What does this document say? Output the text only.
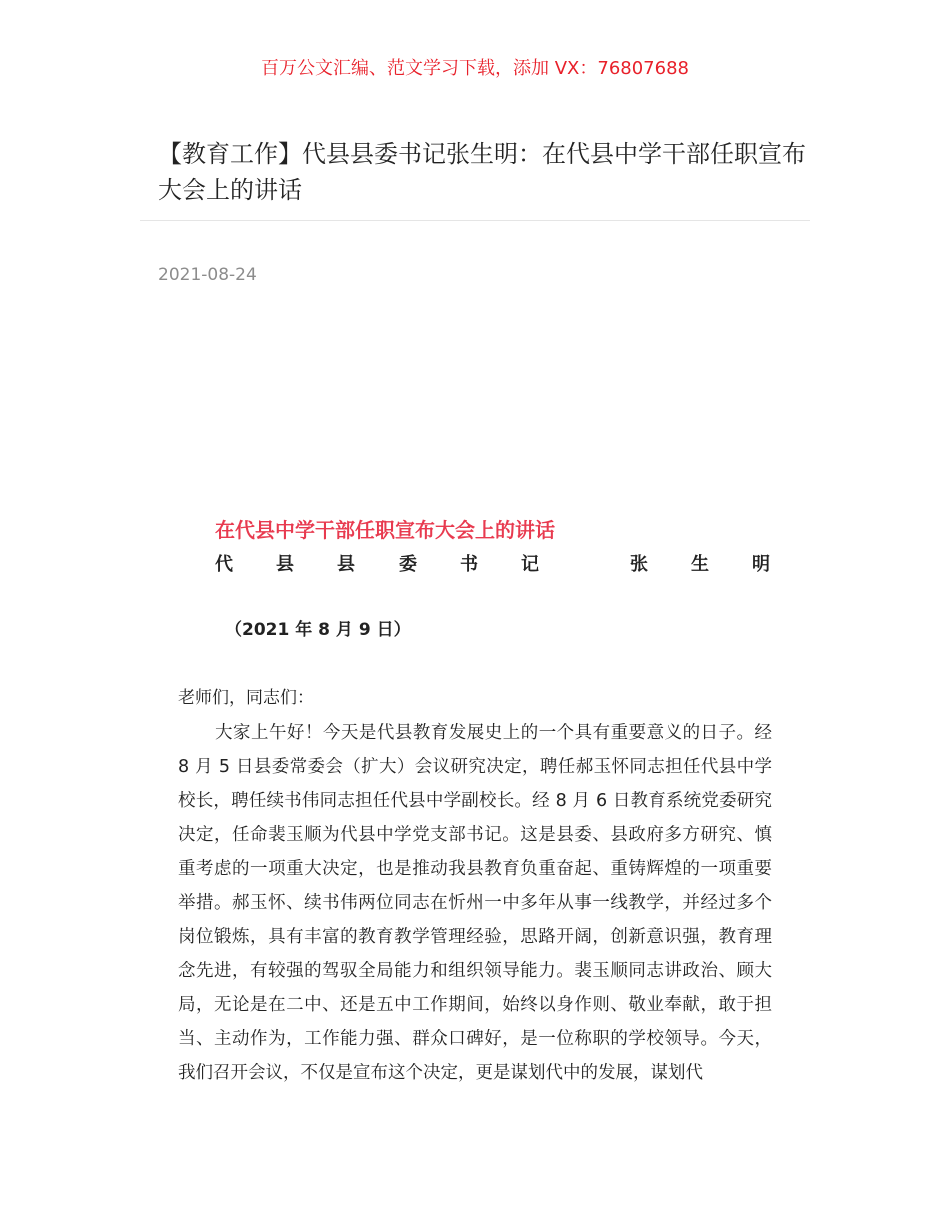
百万公文汇编、范文学习下载，添加 VX：76807688
【教育工作】代县县委书记张生明：在代县中学干部任职宣布大会上的讲话
2021-08-24
在代县中学干部任职宣布大会上的讲话
代 县 县 委 书 记	张 生 明
（2021 年 8 月 9 日）
老师们，同志们：

大家上午好！今天是代县教育发展史上的一个具有重要意义的日子。经 8 月 5 日县委常委会（扩大）会议研究决定，聘任郝玉怀同志担任代县中学校长，聘任续书伟同志担任代县中学副校长。经 8 月 6 日教育系统党委研究决定，任命裴玉顺为代县中学党支部书记。这是县委、县政府多方研究、慎重考虑的一项重大决定，也是推动我县教育负重奋起、重铸辉煌的一项重要举措。郝玉怀、续书伟两位同志在忻州一中多年从事一线教学，并经过多个岗位锻炼，具有丰富的教育教学管理经验，思路开阔，创新意识强，教育理念先进，有较强的驾驭全局能力和组织领导能力。裴玉顺同志讲政治、顾大局，无论是在二中、还是五中工作期间，始终以身作则、敬业奉献，敢于担当、主动作为，工作能力强、群众口碑好，是一位称职的学校领导。今天，我们召开会议，不仅是宣布这个决定，更是谋划代中的发展，谋划代
